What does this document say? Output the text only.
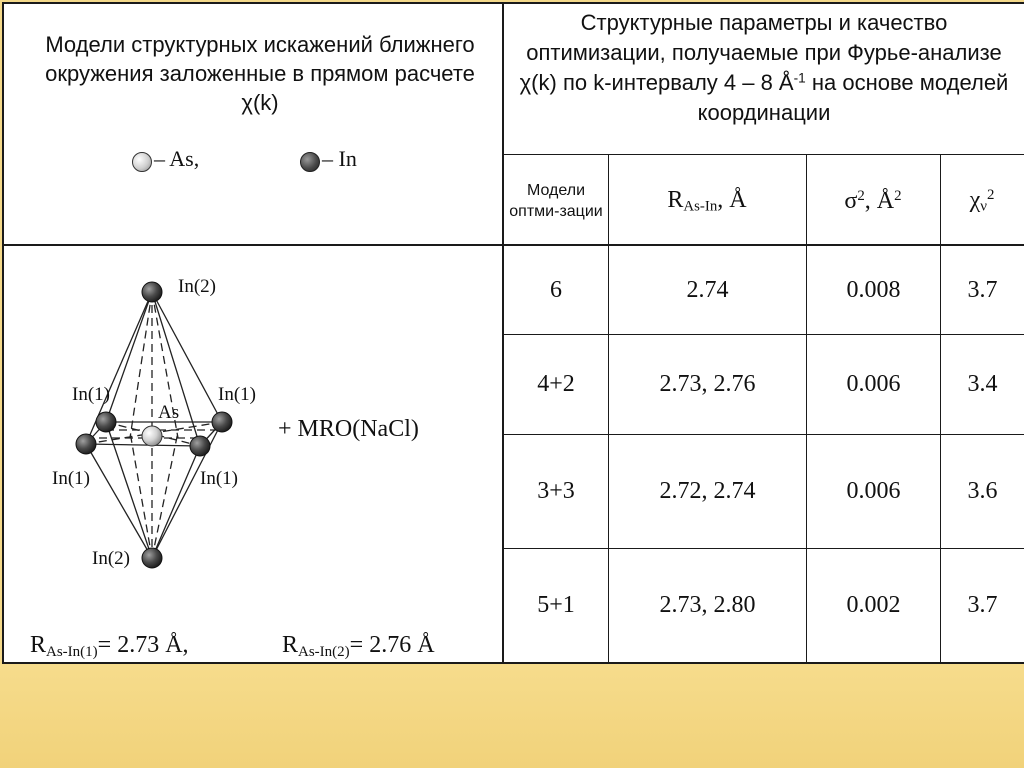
Модели структурных искажений ближнего окружения заложенные в прямом расчете χ(k)
– As,	– In
Структурные параметры и качество оптимизации, получаемые при Фурье-анализе χ(k) по k-интервалу 4 – 8 $Å^{-1}$ на основе моделей координации
Модели оптми-зации	$R_{As-In}$, Å	$\sigma^2$, $Å^2$	$\chi_\nu^2$
6	2.74	0.008	3.7
4+2	2.73, 2.76	0.006	3.4
3+3	2.72, 2.74	0.006	3.6
5+1	2.73, 2.80	0.002	3.7
In(2)
In(1)	In(1)
As
In(1)	In(1)
In(2)
+ MRO(NaCl)
$R_{As-In(1)}= 2.73$ Å,	$R_{As-In(2)}= 2.76$ Å
